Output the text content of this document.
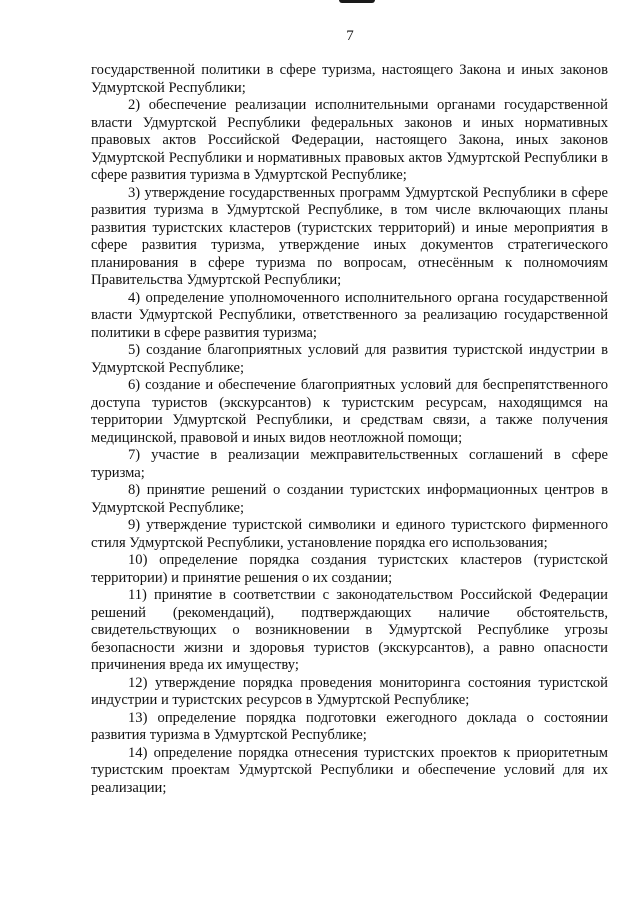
7

государственной политики в сфере туризма, настоящего Закона и иных законов Удмуртской Республики;

2) обеспечение реализации исполнительными органами государственной власти Удмуртской Республики федеральных законов и иных нормативных правовых актов Российской Федерации, настоящего Закона, иных законов Удмуртской Республики и нормативных правовых актов Удмуртской Республики в сфере развития туризма в Удмуртской Республике;

3) утверждение государственных программ Удмуртской Республики в сфере развития туризма в Удмуртской Республике, в том числе включающих планы развития туристских кластеров (туристских территорий) и иные мероприятия в сфере развития туризма, утверждение иных документов стратегического планирования в сфере туризма по вопросам, отнесённым к полномочиям Правительства Удмуртской Республики;

4) определение уполномоченного исполнительного органа государственной власти Удмуртской Республики, ответственного за реализацию государственной политики в сфере развития туризма;

5) создание благоприятных условий для развития туристской индустрии в Удмуртской Республике;

6) создание и обеспечение благоприятных условий для беспрепятственного доступа туристов (экскурсантов) к туристским ресурсам, находящимся на территории Удмуртской Республики, и средствам связи, а также получения медицинской, правовой и иных видов неотложной помощи;

7) участие в реализации межправительственных соглашений в сфере туризма;

8) принятие решений о создании туристских информационных центров в Удмуртской Республике;

9) утверждение туристской символики и единого туристского фирменного стиля Удмуртской Республики, установление порядка его использования;

10) определение порядка создания туристских кластеров (туристской территории) и принятие решения о их создании;

11) принятие в соответствии с законодательством Российской Федерации решений (рекомендаций), подтверждающих наличие обстоятельств, свидетельствующих о возникновении в Удмуртской Республике угрозы безопасности жизни и здоровья туристов (экскурсантов), а равно опасности причинения вреда их имуществу;

12) утверждение порядка проведения мониторинга состояния туристской индустрии и туристских ресурсов в Удмуртской Республике;

13) определение порядка подготовки ежегодного доклада о состоянии развития туризма в Удмуртской Республике;

14) определение порядка отнесения туристских проектов к приоритетным туристским проектам Удмуртской Республики и обеспечение условий для их реализации;
